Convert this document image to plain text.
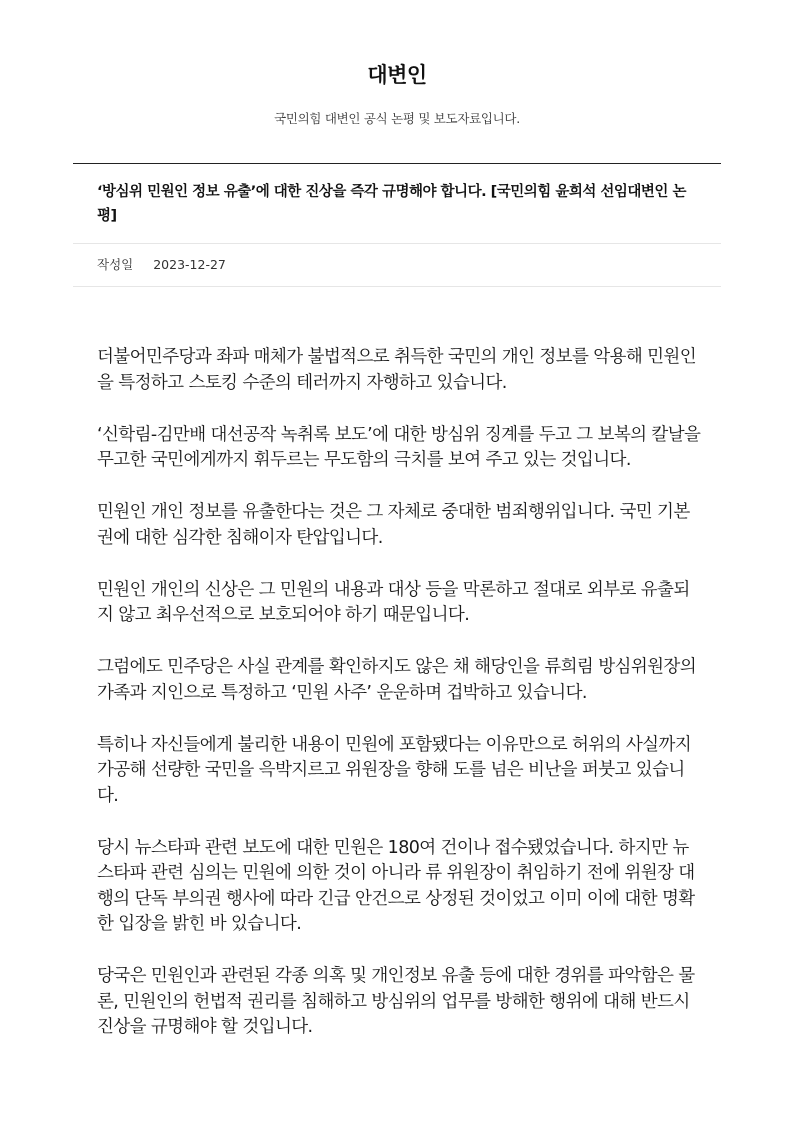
대변인
국민의힘 대변인 공식 논평 및 보도자료입니다.
‘방심위 민원인 정보 유출’에 대한 진상을 즉각 규명해야 합니다. [국민의힘 윤희석 선임대변인 논평]
작성일 2023-12-27

더불어민주당과 좌파 매체가 불법적으로 취득한 국민의 개인 정보를 악용해 민원인을 특정하고 스토킹 수준의 테러까지 자행하고 있습니다.

‘신학림-김만배 대선공작 녹취록 보도’에 대한 방심위 징계를 두고 그 보복의 칼날을 무고한 국민에게까지 휘두르는 무도함의 극치를 보여 주고 있는 것입니다.

민원인 개인 정보를 유출한다는 것은 그 자체로 중대한 범죄행위입니다. 국민 기본권에 대한 심각한 침해이자 탄압입니다.

민원인 개인의 신상은 그 민원의 내용과 대상 등을 막론하고 절대로 외부로 유출되지 않고 최우선적으로 보호되어야 하기 때문입니다.

그럼에도 민주당은 사실 관계를 확인하지도 않은 채 해당인을 류희림 방심위원장의 가족과 지인으로 특정하고 ‘민원 사주’ 운운하며 겁박하고 있습니다.

특히나 자신들에게 불리한 내용이 민원에 포함됐다는 이유만으로 허위의 사실까지 가공해 선량한 국민을 윽박지르고 위원장을 향해 도를 넘은 비난을 퍼붓고 있습니다.

당시 뉴스타파 관련 보도에 대한 민원은 180여 건이나 접수됐었습니다. 하지만 뉴스타파 관련 심의는 민원에 의한 것이 아니라 류 위원장이 취임하기 전에 위원장 대행의 단독 부의권 행사에 따라 긴급 안건으로 상정된 것이었고 이미 이에 대한 명확한 입장을 밝힌 바 있습니다.

당국은 민원인과 관련된 각종 의혹 및 개인정보 유출 등에 대한 경위를 파악함은 물론, 민원인의 헌법적 권리를 침해하고 방심위의 업무를 방해한 행위에 대해 반드시 진상을 규명해야 할 것입니다.
